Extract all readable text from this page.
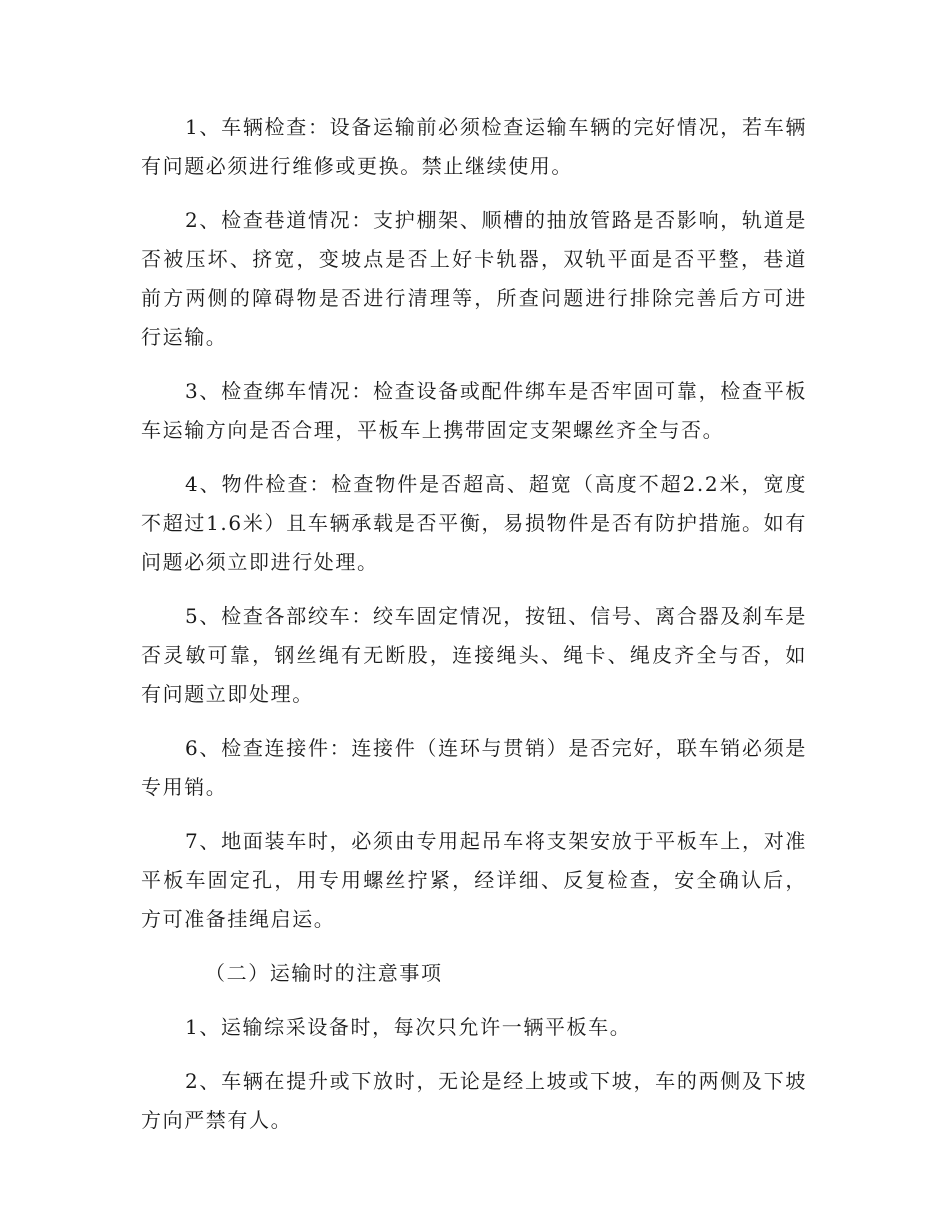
1、车辆检查：设备运输前必须检查运输车辆的完好情况，若车辆有问题必须进行维修或更换。禁止继续使用。

2、检查巷道情况：支护棚架、顺槽的抽放管路是否影响，轨道是否被压坏、挤宽，变坡点是否上好卡轨器，双轨平面是否平整，巷道前方两侧的障碍物是否进行清理等，所查问题进行排除完善后方可进行运输。

3、检查绑车情况：检查设备或配件绑车是否牢固可靠，检查平板车运输方向是否合理，平板车上携带固定支架螺丝齐全与否。

4、物件检查：检查物件是否超高、超宽（高度不超2.2米，宽度不超过1.6米）且车辆承载是否平衡，易损物件是否有防护措施。如有问题必须立即进行处理。

5、检查各部绞车：绞车固定情况，按钮、信号、离合器及刹车是否灵敏可靠，钢丝绳有无断股，连接绳头、绳卡、绳皮齐全与否，如有问题立即处理。

6、检查连接件：连接件（连环与贯销）是否完好，联车销必须是专用销。

7、地面装车时，必须由专用起吊车将支架安放于平板车上，对准平板车固定孔，用专用螺丝拧紧，经详细、反复检查，安全确认后，方可准备挂绳启运。

（二）运输时的注意事项

1、运输综采设备时，每次只允许一辆平板车。

2、车辆在提升或下放时，无论是经上坡或下坡，车的两侧及下坡方向严禁有人。
